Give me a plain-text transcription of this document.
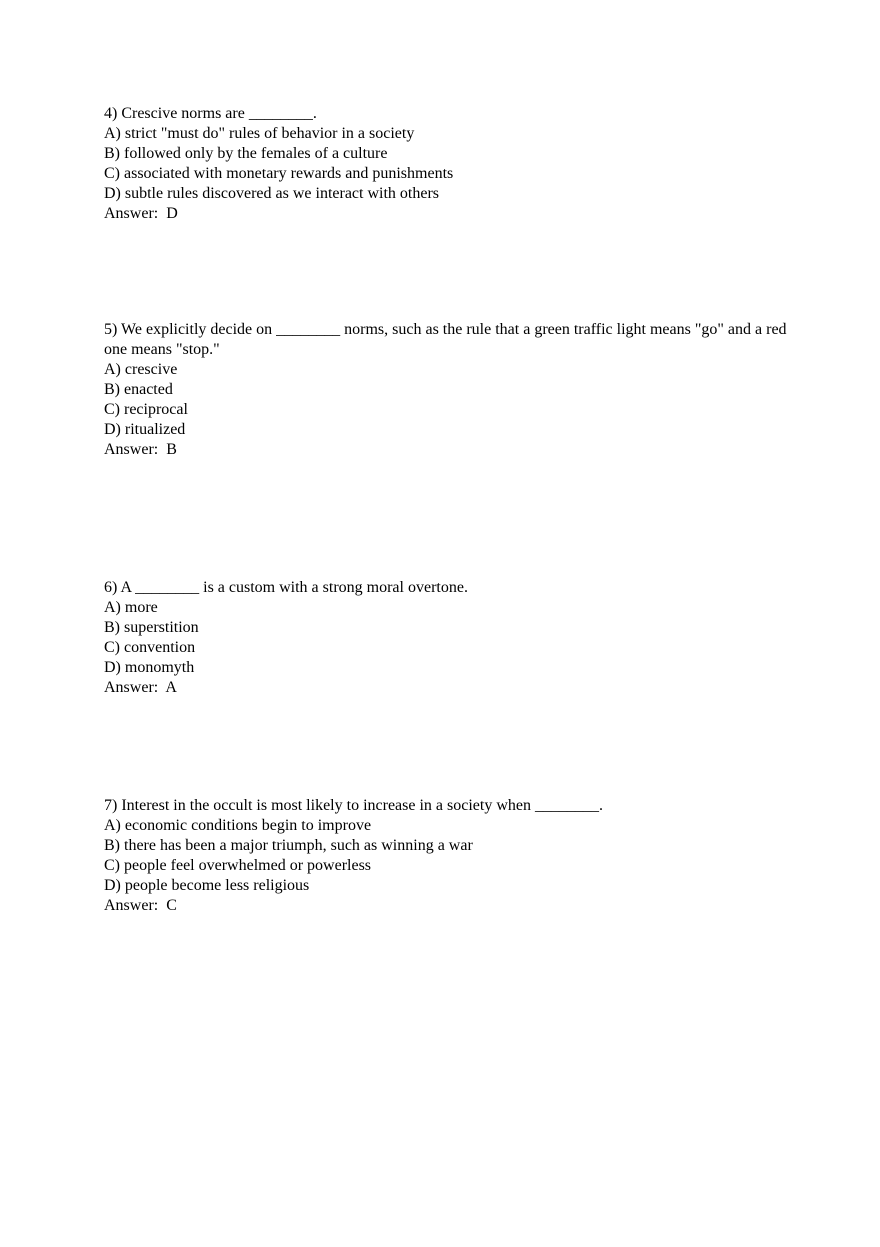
4) Crescive norms are ________.
A) strict "must do" rules of behavior in a society
B) followed only by the females of a culture
C) associated with monetary rewards and punishments
D) subtle rules discovered as we interact with others
Answer:  D
5) We explicitly decide on ________ norms, such as the rule that a green traffic light means "go" and a red one means "stop."
A) crescive
B) enacted
C) reciprocal
D) ritualized
Answer:  B
6) A ________ is a custom with a strong moral overtone.
A) more
B) superstition
C) convention
D) monomyth
Answer:  A
7) Interest in the occult is most likely to increase in a society when ________.
A) economic conditions begin to improve
B) there has been a major triumph, such as winning a war
C) people feel overwhelmed or powerless
D) people become less religious
Answer:  C
